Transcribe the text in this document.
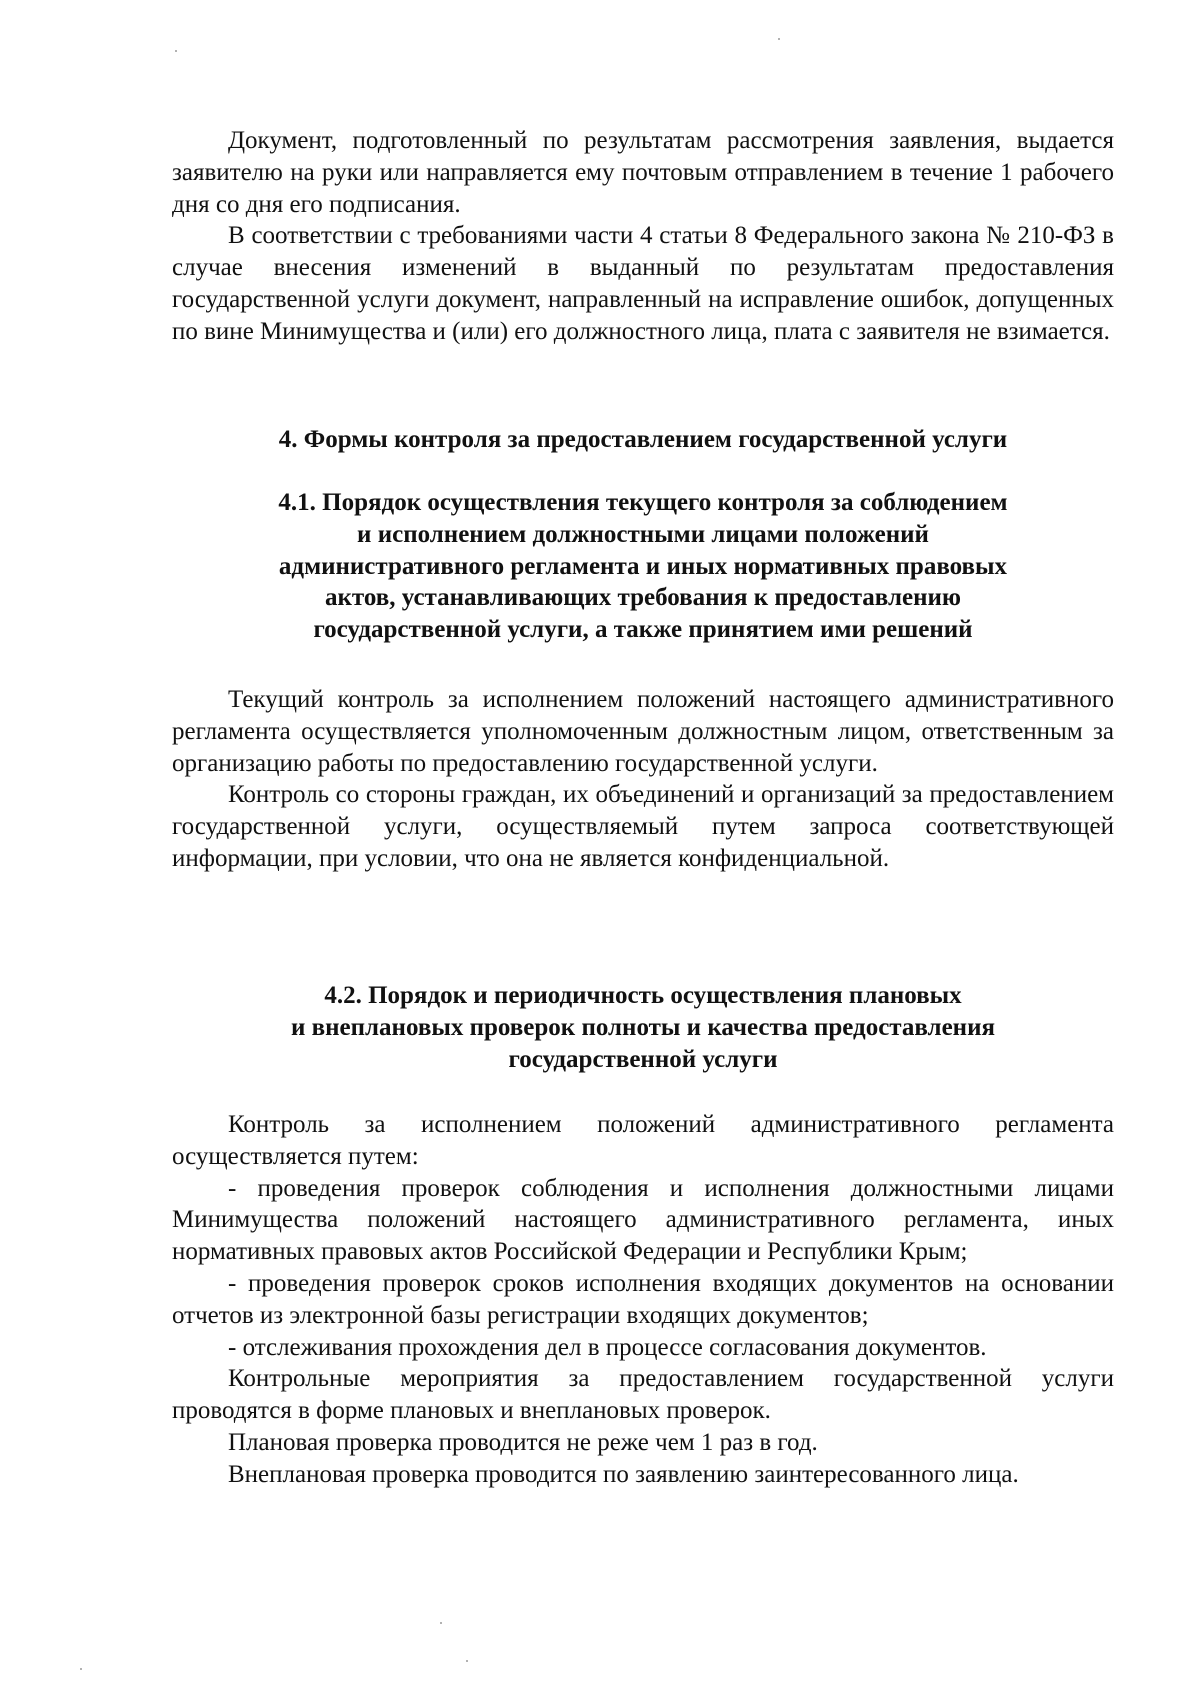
Документ, подготовленный по результатам рассмотрения заявления, выдается заявителю на руки или направляется ему почтовым отправлением в течение 1 рабочего дня со дня его подписания.

В соответствии с требованиями части 4 статьи 8 Федерального закона № 210-ФЗ в случае внесения изменений в выданный по результатам предоставления государственной услуги документ, направленный на исправление ошибок, допущенных по вине Минимущества и (или) его должностного лица, плата с заявителя не взимается.

4. Формы контроля за предоставлением государственной услуги
4.1. Порядок осуществления текущего контроля за соблюдением
и исполнением должностными лицами положений
административного регламента и иных нормативных правовых
актов, устанавливающих требования к предоставлению
государственной услуги, а также принятием ими решений

Текущий контроль за исполнением положений настоящего административного регламента осуществляется уполномоченным должностным лицом, ответственным за организацию работы по предоставлению государственной услуги.

Контроль со стороны граждан, их объединений и организаций за предоставлением государственной услуги, осуществляемый путем запроса соответствующей информации, при условии, что она не является конфиденциальной.

4.2. Порядок и периодичность осуществления плановых
и внеплановых проверок полноты и качества предоставления
государственной услуги

Контроль за исполнением положений административного регламента осуществляется путем:

- проведения проверок соблюдения и исполнения должностными лицами Минимущества положений настоящего административного регламента, иных нормативных правовых актов Российской Федерации и Республики Крым;

- проведения проверок сроков исполнения входящих документов на основании отчетов из электронной базы регистрации входящих документов;

- отслеживания прохождения дел в процессе согласования документов.

Контрольные мероприятия за предоставлением государственной услуги проводятся в форме плановых и внеплановых проверок.

Плановая проверка проводится не реже чем 1 раз в год.

Внеплановая проверка проводится по заявлению заинтересованного лица.
